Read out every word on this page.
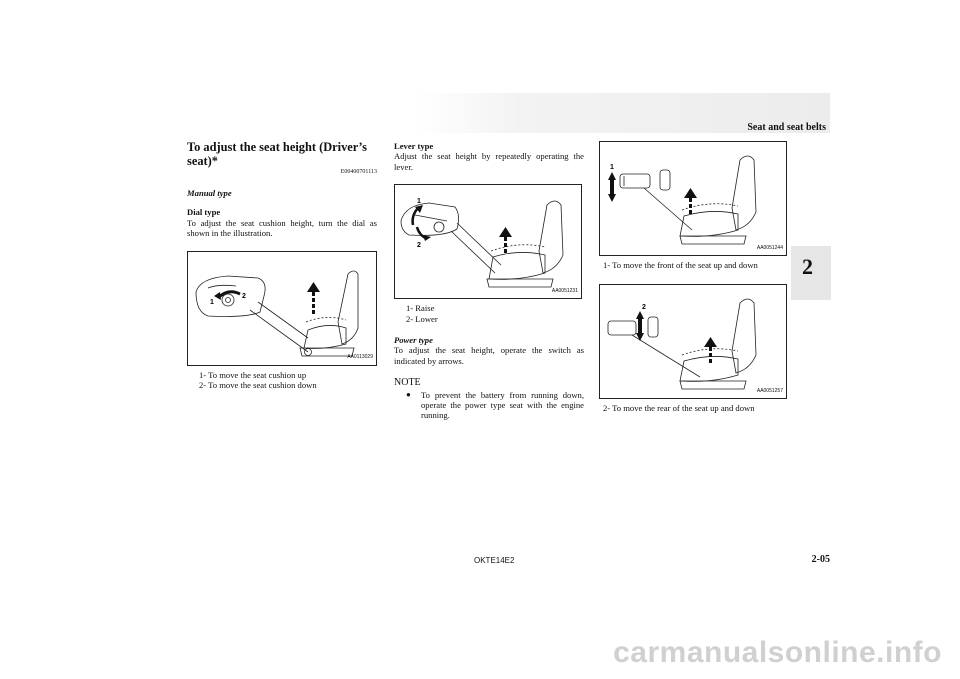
Seat and seat belts
2
To adjust the seat height (Driver’s seat)*
E00400701113
Manual type
Dial type
To adjust the seat cushion height, turn the dial as shown in the illustration.
1
2
AA0113029
1- To move the seat cushion up
2- To move the seat cushion down
Lever type
Adjust the seat height by repeatedly operating the lever.
1
2
AA0051231
1- Raise
2- Lower
Power type
To adjust the seat height, operate the switch as indicated by arrows.
NOTE
● To prevent the battery from running down, operate the power type seat with the engine running.
1
AA0051244
1- To move the front of the seat up and down
2
AA0051257
2- To move the rear of the seat up and down
OKTE14E2	2-05
carmanualsonline.info
